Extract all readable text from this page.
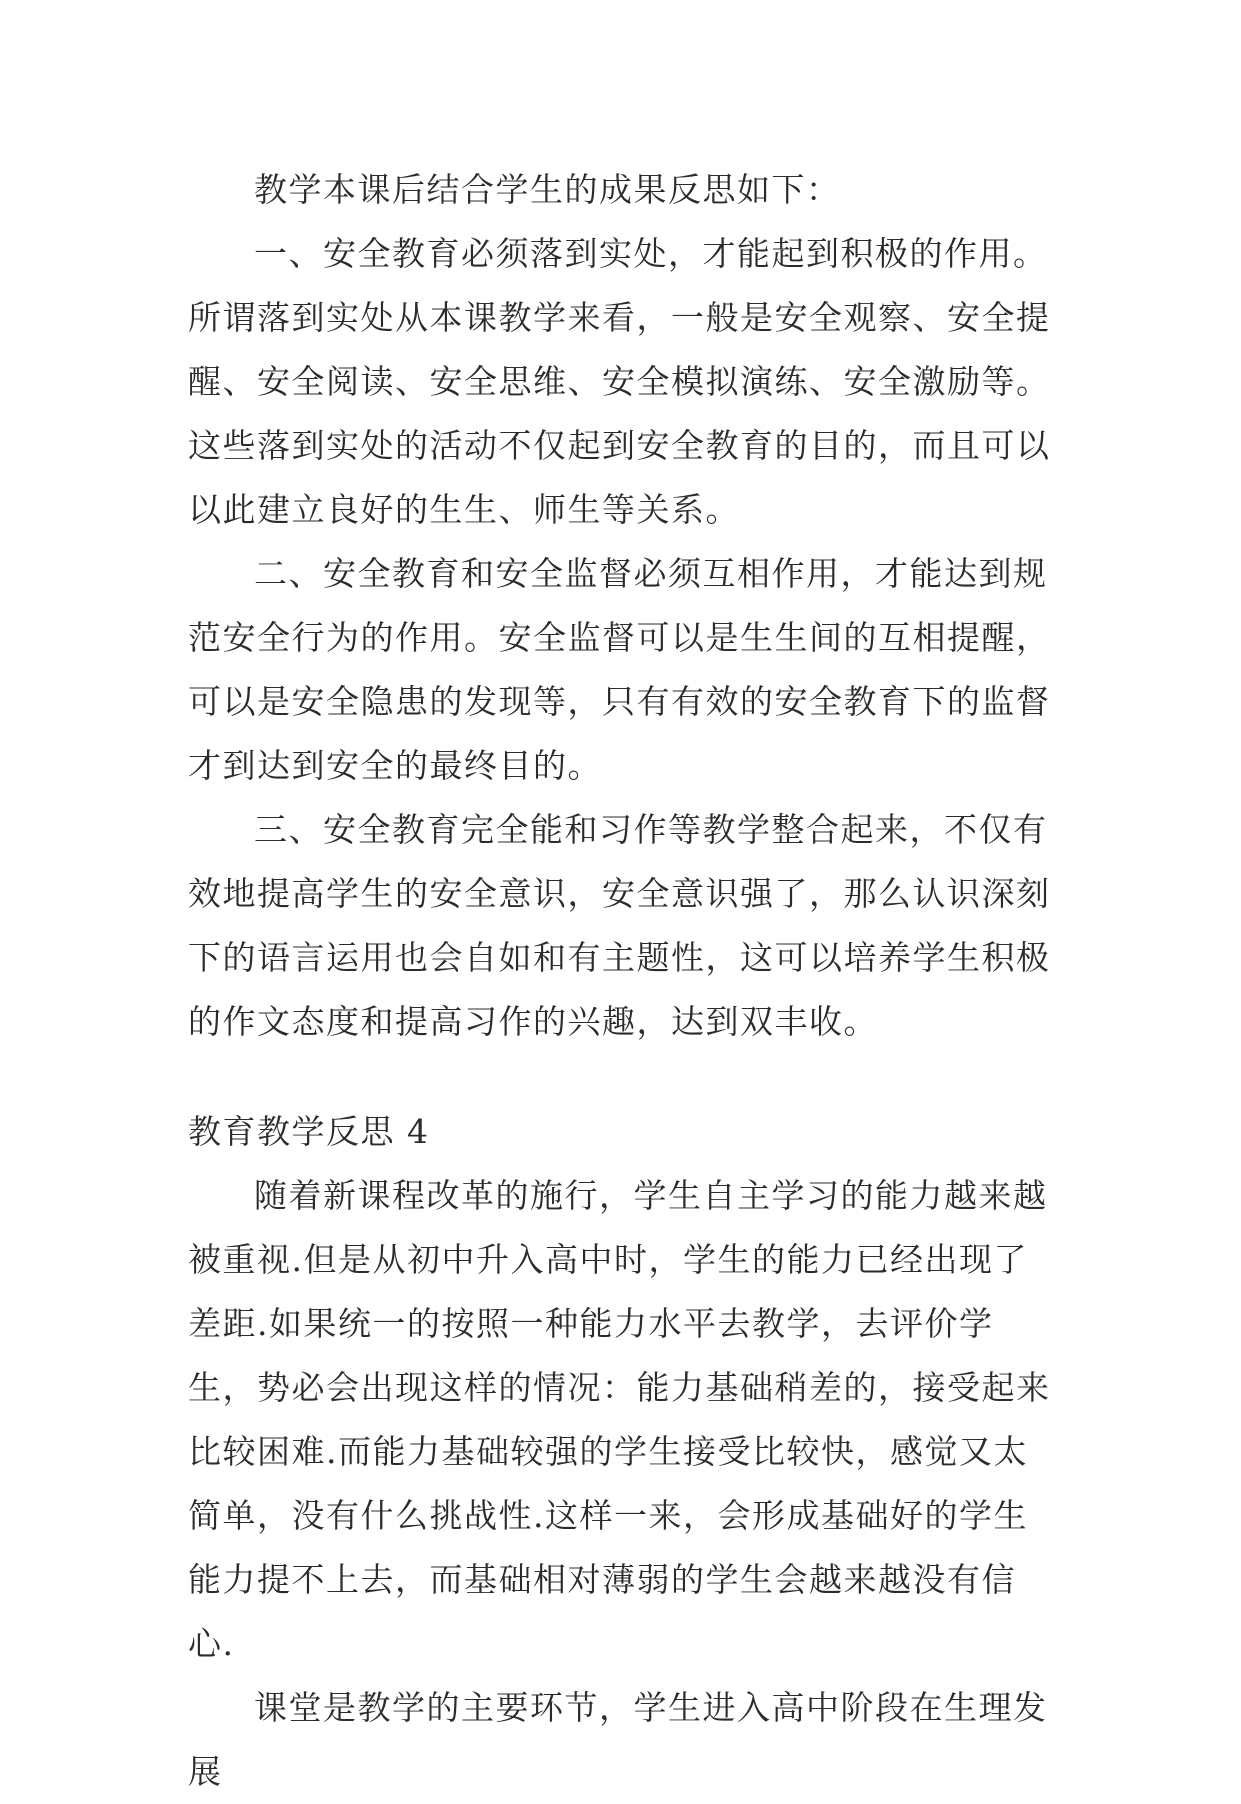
教学本课后结合学生的成果反思如下：

一、安全教育必须落到实处，才能起到积极的作用。所谓落到实处从本课教学来看，一般是安全观察、安全提醒、安全阅读、安全思维、安全模拟演练、安全激励等。这些落到实处的活动不仅起到安全教育的目的，而且可以以此建立良好的生生、师生等关系。

二、安全教育和安全监督必须互相作用，才能达到规范安全行为的作用。安全监督可以是生生间的互相提醒，可以是安全隐患的发现等，只有有效的安全教育下的监督才到达到安全的最终目的。

三、安全教育完全能和习作等教学整合起来，不仅有效地提高学生的安全意识，安全意识强了，那么认识深刻下的语言运用也会自如和有主题性，这可以培养学生积极的作文态度和提高习作的兴趣，达到双丰收。

教育教学反思 4

随着新课程改革的施行，学生自主学习的能力越来越被重视.但是从初中升入高中时，学生的能力已经出现了差距.如果统一的按照一种能力水平去教学，去评价学生，势必会出现这样的情况：能力基础稍差的，接受起来比较困难.而能力基础较强的学生接受比较快，感觉又太简单，没有什么挑战性.这样一来，会形成基础好的学生能力提不上去，而基础相对薄弱的学生会越来越没有信心.

课堂是教学的主要环节，学生进入高中阶段在生理发展
